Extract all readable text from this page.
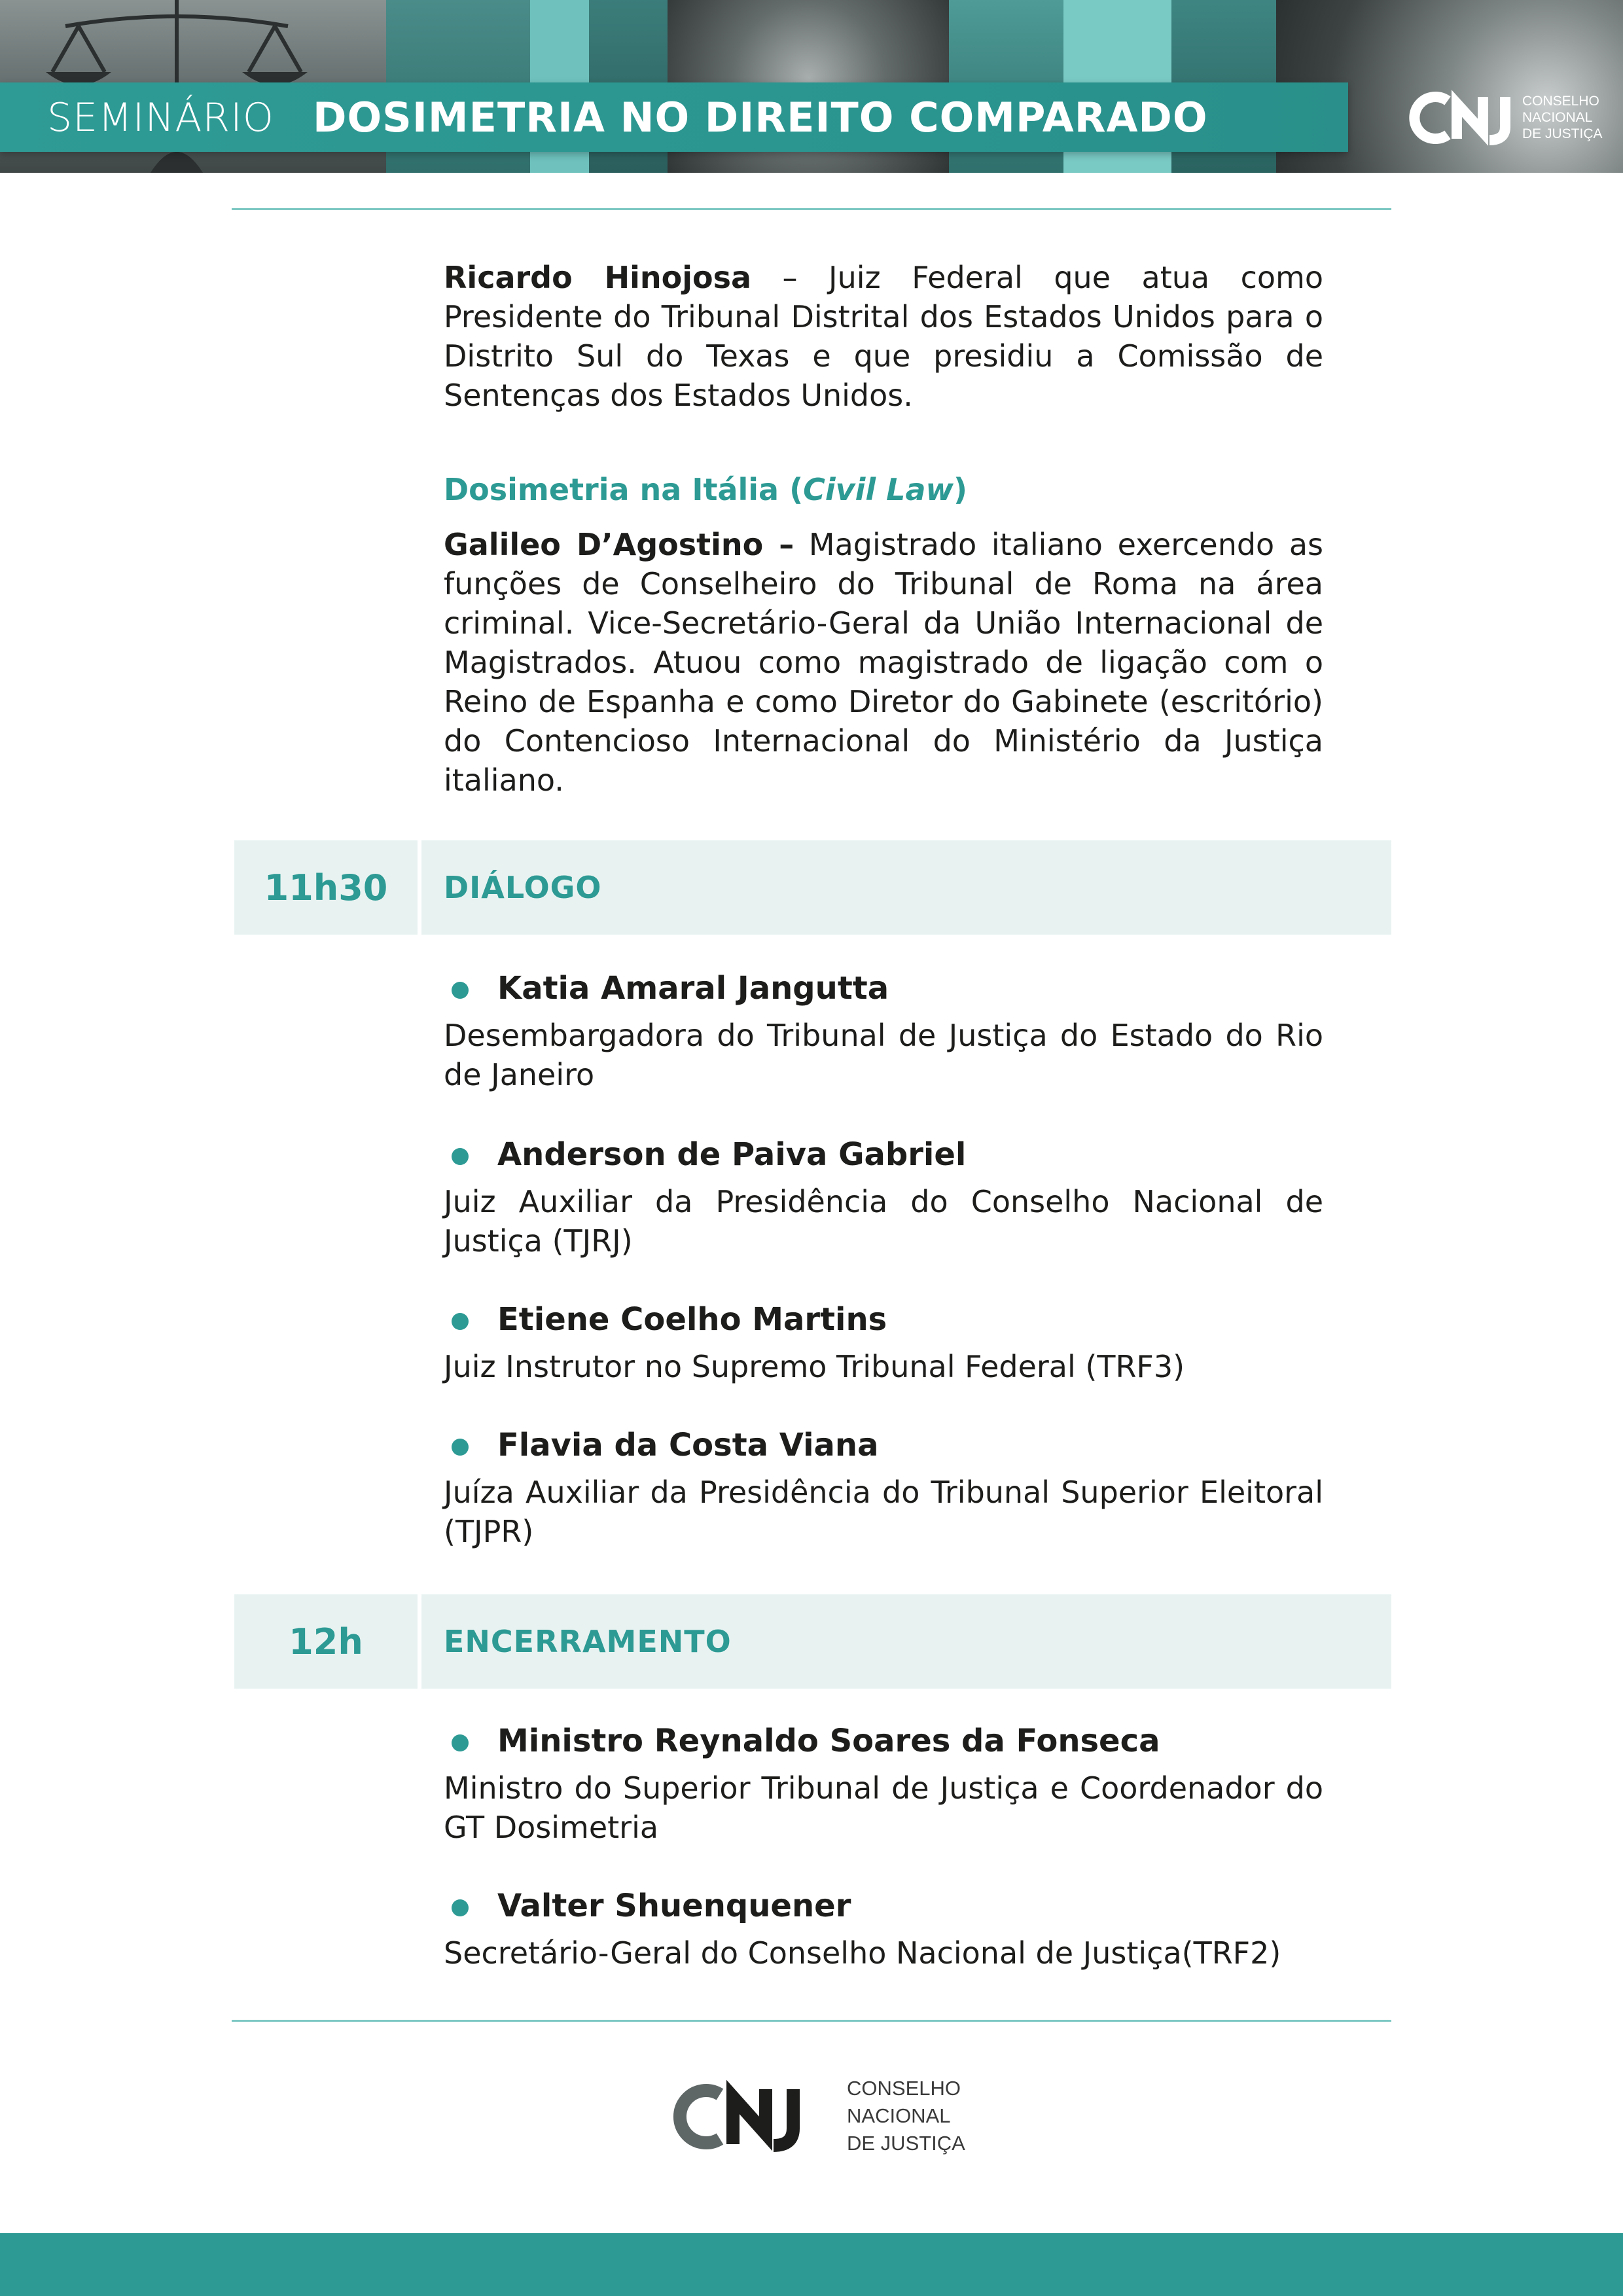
SEMINÁRIO DOSIMETRIA NO DIREITO COMPARADO	CONSELHO
NACIONAL
DE JUSTIÇA
Ricardo Hinojosa – Juiz Federal que atua como Presidente do Tribunal Distrital dos Estados Unidos para o Distrito Sul do Texas e que presidiu a Comissão de Sentenças dos Estados Unidos.
Dosimetria na Itália (Civil Law)
Galileo D’Agostino – Magistrado italiano exercendo as funções de Conselheiro do Tribunal de Roma na área criminal. Vice-Secretário-Geral da União Internacional de Magistrados. Atuou como magistrado de ligação com o Reino de Espanha e como Diretor do Gabinete (escritório) do Contencioso Internacional do Ministério da Justiça italiano.
11h30	DIÁLOGO
Katia Amaral Jangutta
Desembargadora do Tribunal de Justiça do Estado do Rio de Janeiro
Anderson de Paiva Gabriel
Juiz Auxiliar da Presidência do Conselho Nacional de Justiça (TJRJ)
Etiene Coelho Martins
Juiz Instrutor no Supremo Tribunal Federal (TRF3)
Flavia da Costa Viana
Juíza Auxiliar da Presidência do Tribunal Superior Eleitoral (TJPR)
12h	ENCERRAMENTO
Ministro Reynaldo Soares da Fonseca
Ministro do Superior Tribunal de Justiça e Coordenador do GT Dosimetria
Valter Shuenquener
Secretário-Geral do Conselho Nacional de Justiça(TRF2)
CONSELHO
NACIONAL
DE JUSTIÇA
